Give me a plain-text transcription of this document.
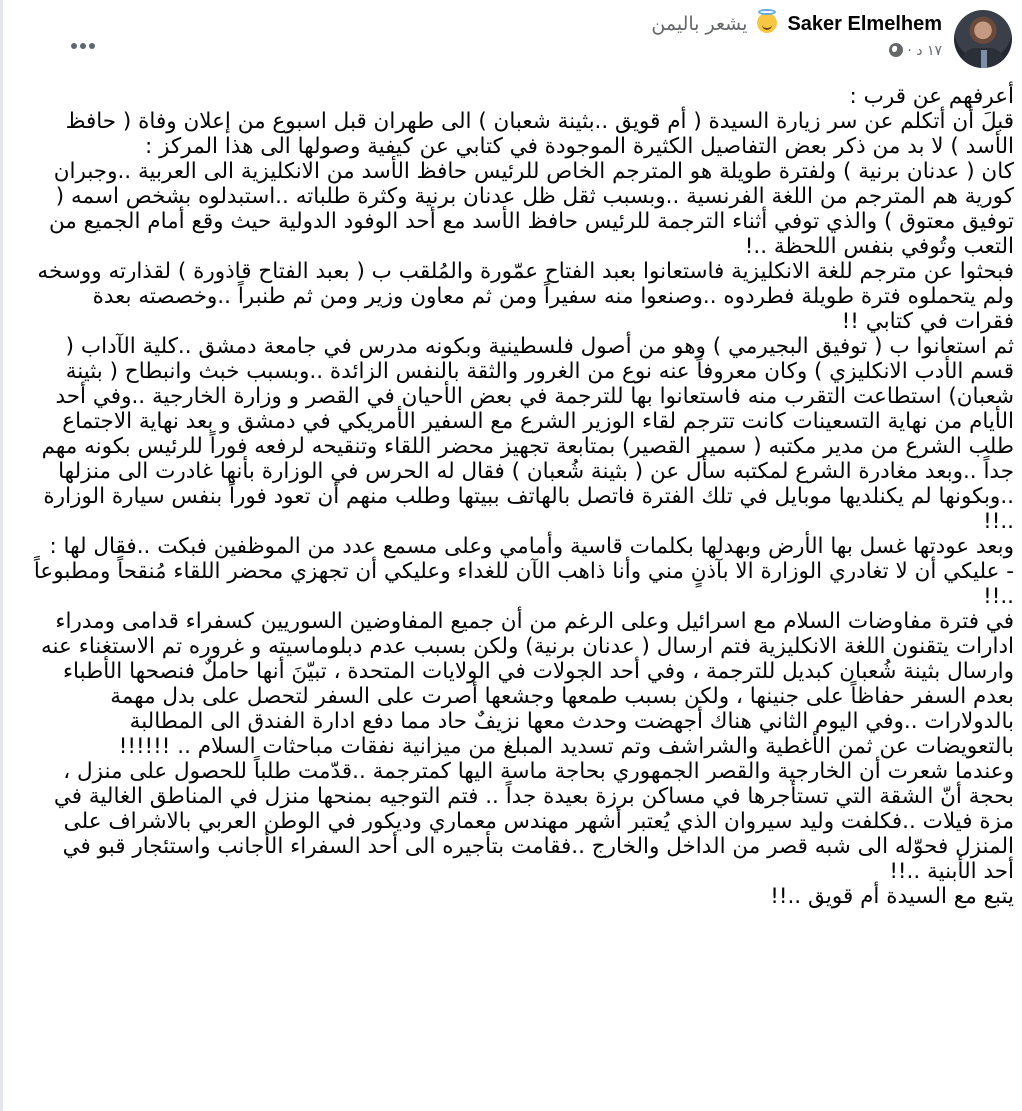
Saker Elmelhem  يشعر باليمن
١٧ د ·

أعرفهم عن قرب :

قبلَ أن أتكلم عن سر زيارة السيدة ( أم قويق ..بثينة شعبان ) الى طهران قبل اسبوع من إعلان وفاة ( حافظ الأسد ) لا بد من ذكر بعض التفاصيل الكثيرة الموجودة في كتابي عن كيفية وصولها الى هذا المركز :

كان ( عدنان برنية ) ولفترة طويلة هو المترجم الخاص للرئيس حافظ الأسد من الانكليزية الى العربية ..وجبران كورية هم المترجم من اللغة الفرنسية ..وبسبب ثقل ظل عدنان برنية وكثرة طلباته ..استبدلوه بشخص اسمه ( توفيق معتوق ) والذي توفي أثناء الترجمة للرئيس حافظ الأسد مع أحد الوفود الدولية حيث وقع أمام الجميع من التعب وتُوفي بنفس اللحظة ..!

فبحثوا عن مترجم للغة الانكليزية فاستعانوا بعبد الفتاح عمّورة والمُلقب ب ( بعبد الفتاح قاذورة ) لقذارته ووسخه ولم يتحملوه فترة طويلة فطردوه ..وصنعوا منه سفيراً ومن ثم معاون وزير ومن ثم طنبراً ..وخصصته بعدة فقرات في كتابي !!

ثم استعانوا ب ( توفيق البجيرمي ) وهو من أصول فلسطينية وبكونه مدرس في جامعة دمشق ..كلية الآداب ( قسم الأدب الانكليزي ) وكان معروفاً عنه نوع من الغرور والثقة بالنفس الزائدة ..وبسبب خبث وانبطاح ( بثينة شعبان) استطاعت التقرب منه فاستعانوا بها للترجمة في بعض الأحيان في القصر و وزارة الخارجية ..وفي أحد الأيام من نهاية التسعينات كانت تترجم لقاء الوزير الشرع مع السفير الأمريكي في دمشق و بعد نهاية الاجتماع طلب الشرع من مدير مكتبه ( سمير القصير) بمتابعة تجهيز محضر اللقاء وتنقيحه لرفعه فوراً للرئيس بكونه مهم جداً ..وبعد مغادرة الشرع لمكتبه سأل عن ( بثينة شُعبان ) فقال له الحرس في الوزارة بأنها غادرت الى منزلها ..وبكونها لم يكنلديها موبايل في تلك الفترة فاتصل بالهاتف ببيتها وطلب منهم أن تعود فوراً بنفس سيارة الوزارة ..!!

وبعد عودتها غسل بها الأرض وبهدلها بكلمات قاسية وأمامي وعلى مسمع عدد من الموظفين فبكت ..فقال لها :

- عليكي أن لا تغادري الوزارة الا بآذنٍ مني وأنا ذاهب الآن للغداء وعليكي أن تجهزي محضر اللقاء مُنقحاً ومطبوعاً ..!!

في فترة مفاوضات السلام مع اسرائيل وعلى الرغم من أن جميع المفاوضين السوريين كسفراء قدامى ومدراء ادارات يتقنون اللغة الانكليزية فتم ارسال ( عدنان برنية) ولكن بسبب عدم دبلوماسيته و غروره تم الاستغناء عنه وارسال بثينة شُعبان كبديل للترجمة ، وفي أحد الجولات في الولايات المتحدة ، تبيّنَ أنها حاملٌ فنصحها الأطباء بعدم السفر حفاظاً على جنينها ، ولكن بسبب طمعها وجشعها أصرت على السفر لتحصل على بدل مهمة بالدولارات ..وفي اليوم الثاني هناك أجهضت وحدث معها نزيفٌ حاد مما دفع ادارة الفندق الى المطالبة بالتعويضات عن ثمن الأغطية والشراشف وتم تسديد المبلغ من ميزانية نفقات مباحثات السلام .. !!!!!!

وعندما شعرت أن الخارجية والقصر الجمهوري بحاجة ماسة اليها كمترجمة ..قدّمت طلباً للحصول على منزل ، بحجة أنّ الشقة التي تستأجرها في مساكن برزة بعيدة جداً .. فتم التوجيه بمنحها منزل في المناطق الغالية في مزة فيلات ..فكلفت وليد سيروان الذي يُعتبر أشهر مهندس معماري وديكور في الوطن العربي بالاشراف على المنزل فحوّله الى شبه قصر من الداخل والخارج ..فقامت بتأجيره الى أحد السفراء الأجانب واستئجار قبو في أحد الأبنية ..!!

يتبع مع السيدة أم قويق ..!!
